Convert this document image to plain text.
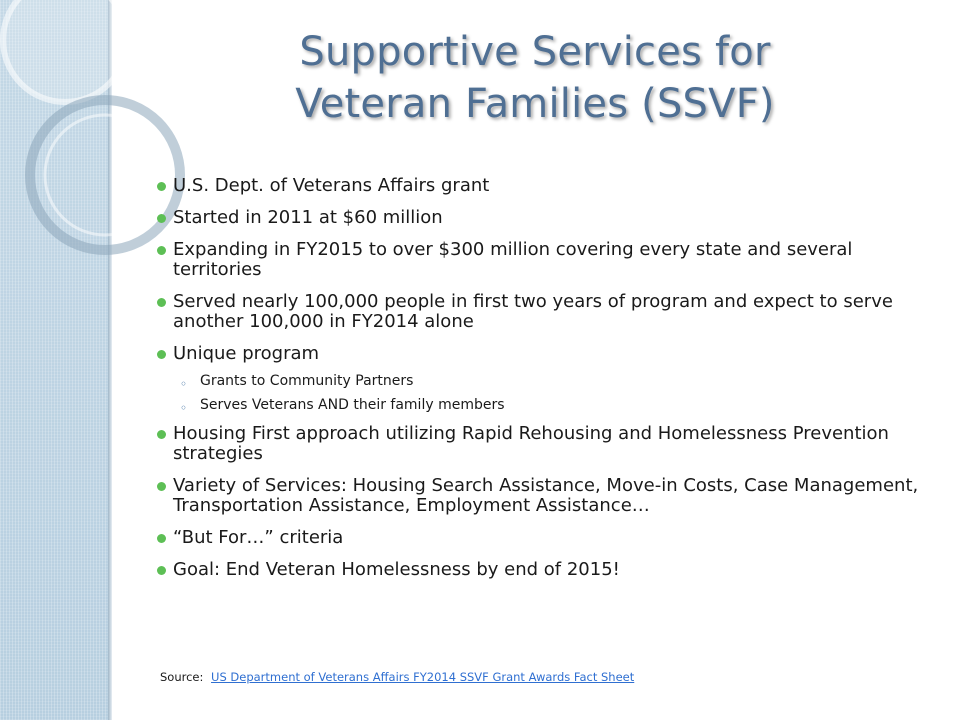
Supportive Services for
Veteran Families (SSVF)
U.S. Dept. of Veterans Affairs grant
Started in 2011 at $60 million
Expanding in FY2015 to over $300 million covering every state and several territories
Served nearly 100,000 people in first two years of program and expect to serve another 100,000 in FY2014 alone
Unique program
◦ Grants to Community Partners
◦ Serves Veterans AND their family members
Housing First approach utilizing Rapid Rehousing and Homelessness Prevention strategies
Variety of Services: Housing Search Assistance, Move-in Costs, Case Management, Transportation Assistance, Employment Assistance…
“But For…” criteria
Goal: End Veteran Homelessness by end of 2015!
Source: US Department of Veterans Affairs FY2014 SSVF Grant Awards Fact Sheet
